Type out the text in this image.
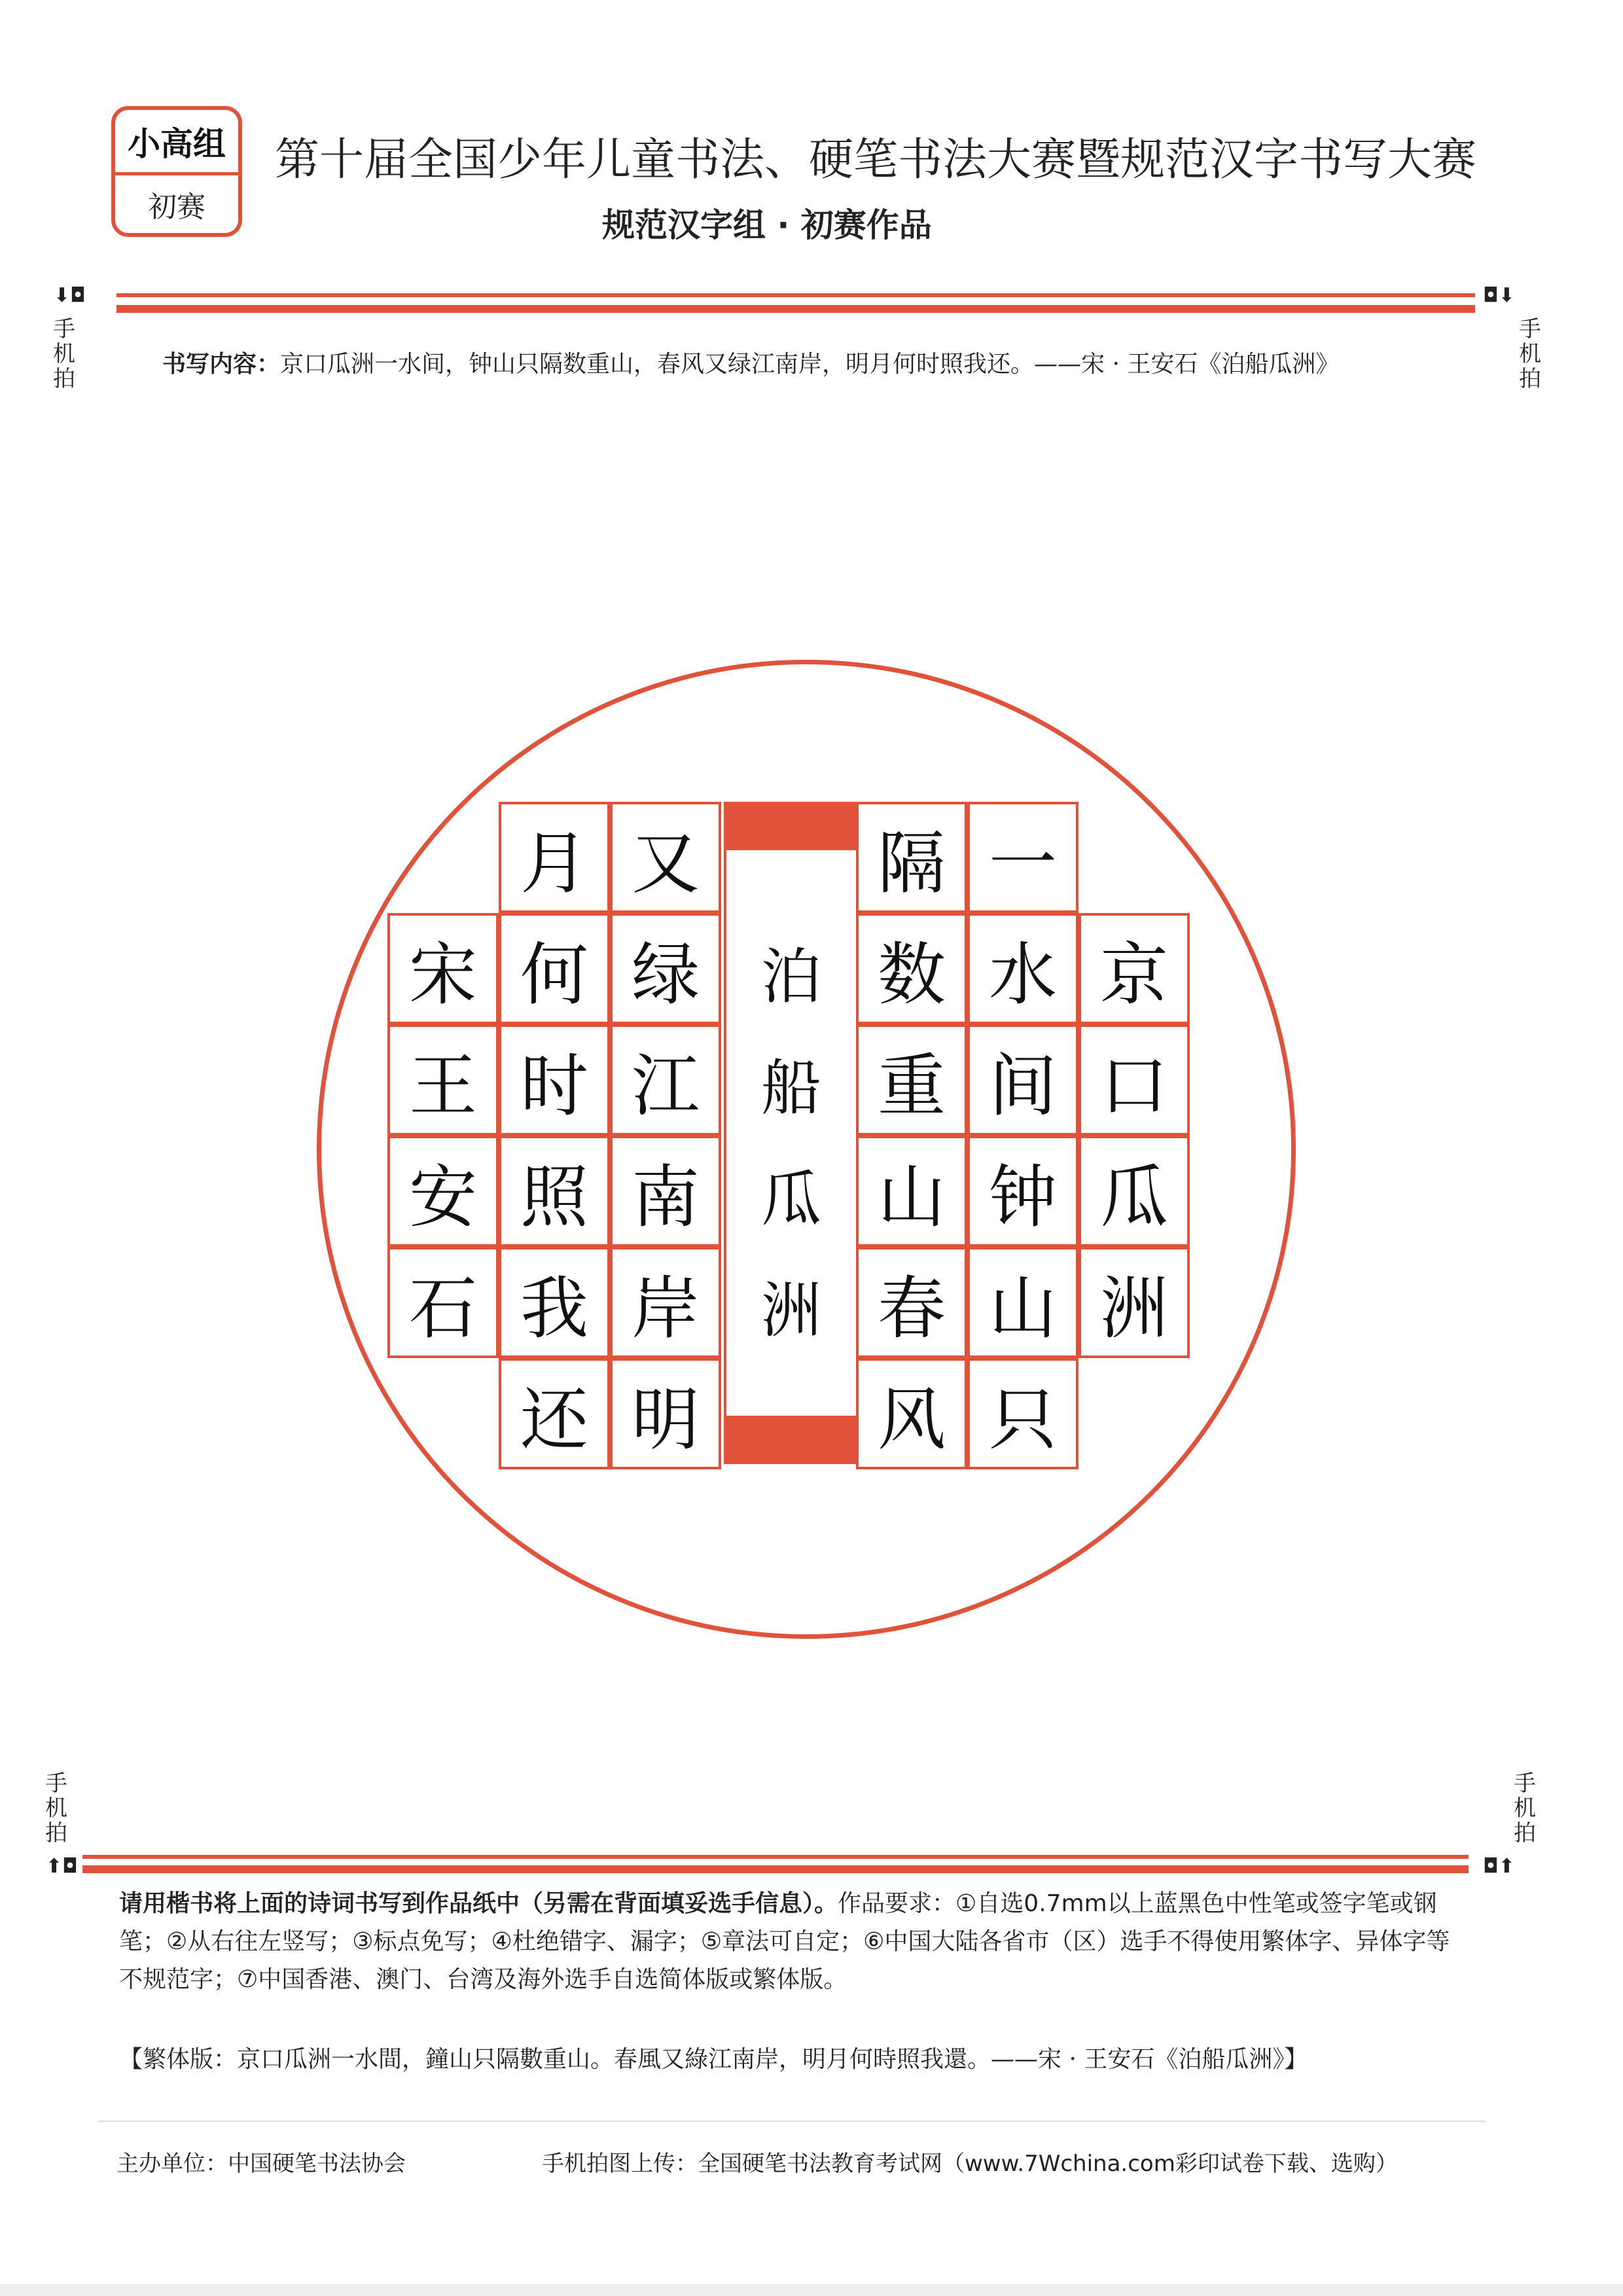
小高组
初赛
第十届全国少年儿童书法、硬笔书法大赛暨规范汉字书写大赛
规范汉字组 · 初赛作品
⬇◘
手机拍
◘⬇
手机拍
书写内容：京口瓜洲一水间，钟山只隔数重山，春风又绿江南岸，明月何时照我还。——宋 · 王安石《泊船瓜洲》
一
隔
京
水
数
口
间
重
瓜
钟
山
洲
山
春
只
风
又
月
绿
何
宋
江
时
王
南
照
安
岸
我
石
明
还
泊
船
瓜
洲
手机拍
⬆◘
手机拍
◘⬆
请用楷书将上面的诗词书写到作品纸中（另需在背面填妥选手信息）。作品要求：①自选0.7mm以上蓝黑色中性笔或签字笔或钢笔；②从右往左竖写；③标点免写；④杜绝错字、漏字；⑤章法可自定；⑥中国大陆各省市（区）选手不得使用繁体字、异体字等不规范字；⑦中国香港、澳门、台湾及海外选手自选简体版或繁体版。
【繁体版：京口瓜洲一水間，鐘山只隔數重山。春風又綠江南岸，明月何時照我還。——宋 · 王安石《泊船瓜洲》】
主办单位：中国硬笔书法协会	手机拍图上传：全国硬笔书法教育考试网（www.7Wchina.com彩印试卷下载、选购）
